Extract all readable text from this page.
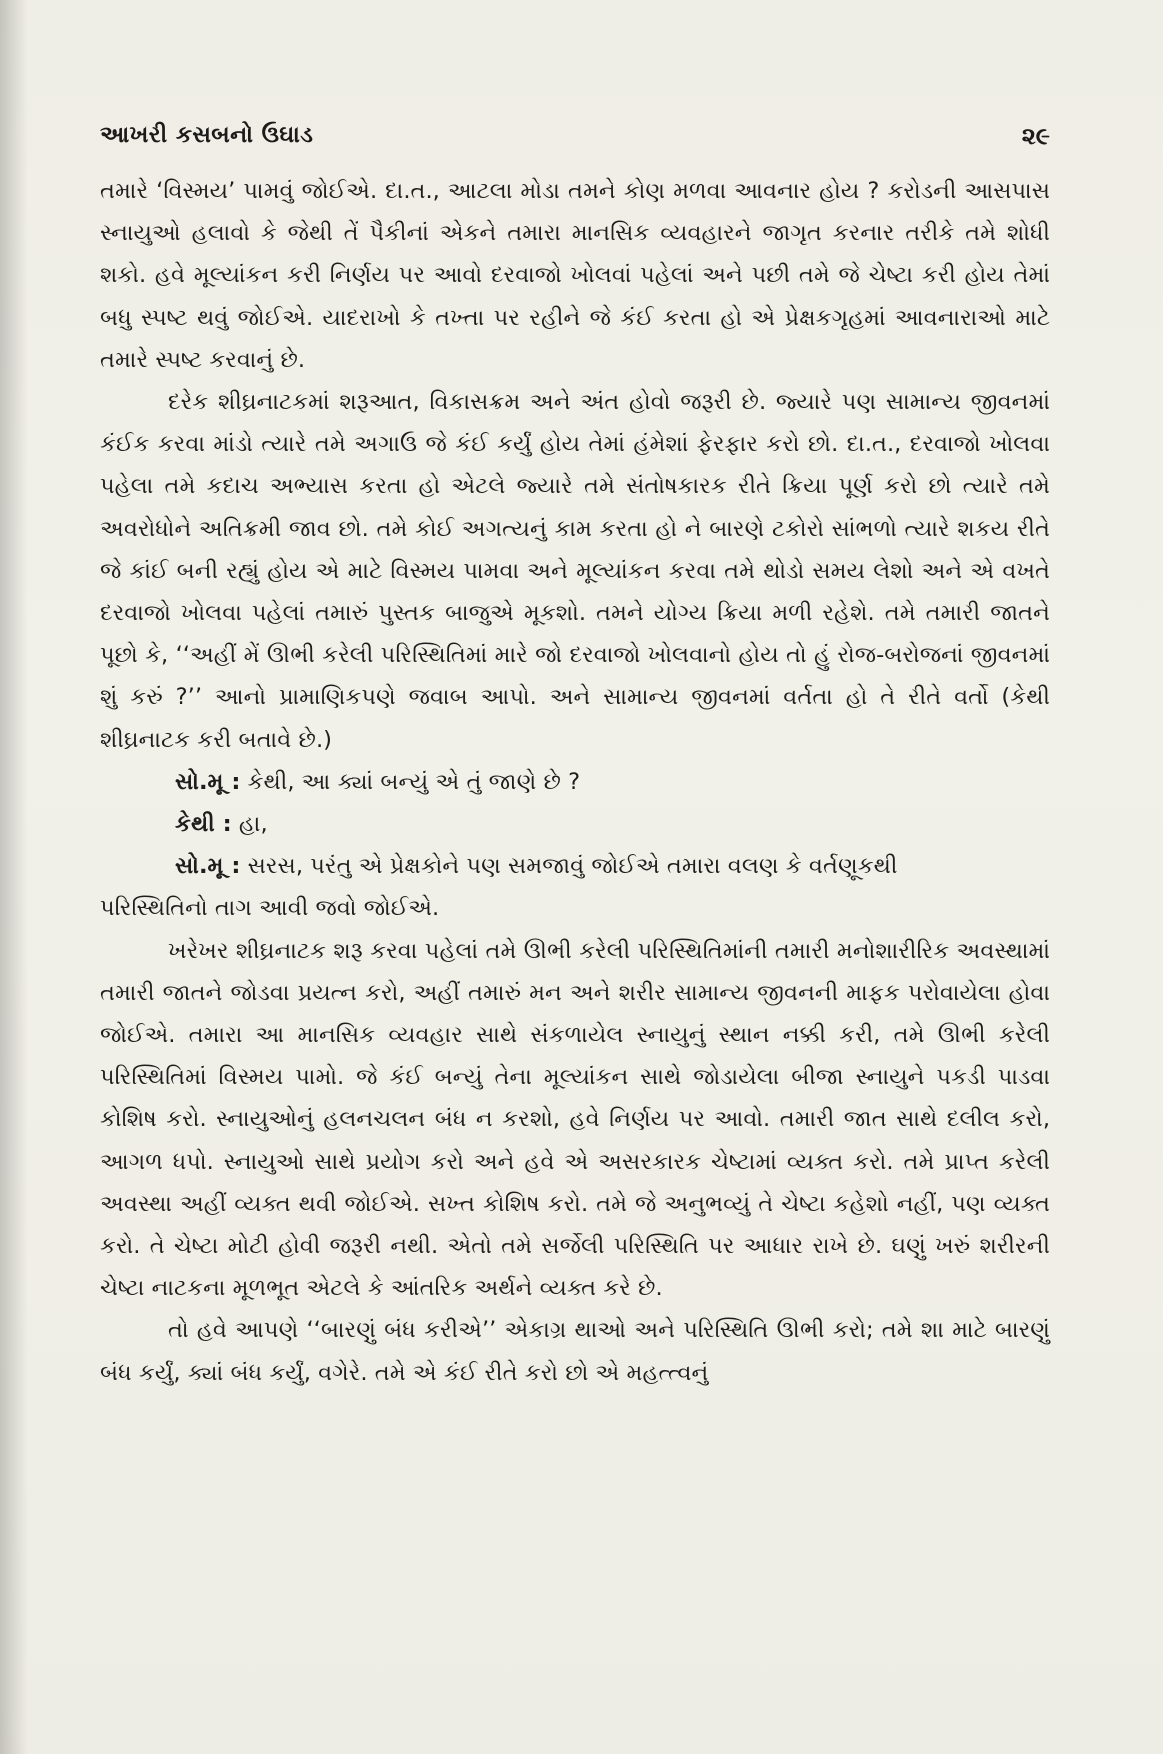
આખરી કસબનો ઉઘાડ	૨૯

તમારે ‘વિસ્મય’ પામવું જોઈએ. દા.ત., આટલા મોડા તમને કોણ મળવા આવનાર હોય ? કરોડની આસપાસ સ્નાયુઓ હલાવો કે જેથી તેં પૈકીનાં એકને તમારા માનસિક વ્યવહારને જાગૃત કરનાર તરીકે તમે શોધી શકો. હવે મૂલ્યાંકન કરી નિર્ણય પર આવો દરવાજો ખોલવાં પહેલાં અને પછી તમે જે ચેષ્ટા કરી હોય તેમાં બધુ સ્પષ્ટ થવું જોઈએ. યાદરાખો કે તખ્તા પર રહીને જે કંઈ કરતા હો એ પ્રેક્ષકગૃહમાં આવનારાઓ માટે તમારે સ્પષ્ટ કરવાનું છે.

દરેક શીઘ્રનાટકમાં શરૂઆત, વિકાસક્રમ અને અંત હોવો જરૂરી છે. જ્યારે પણ સામાન્ય જીવનમાં કંઈક કરવા માંડો ત્યારે તમે અગાઉ જે કંઈ કર્યું હોય તેમાં હંમેશાં ફેરફાર કરો છો. દા.ત., દરવાજો ખોલવા પહેલા તમે કદાચ અભ્યાસ કરતા હો એટલે જ્યારે તમે સંતોષકારક રીતે ક્રિયા પૂર્ણ કરો છો ત્યારે તમે અવરોધોને અતિક્રમી જાવ છો. તમે કોઈ અગત્યનું કામ કરતા હો ને બારણે ટકોરો સાંભળો ત્યારે શકય રીતે જે કાંઈ બની રહ્યું હોય એ માટે વિસ્મય પામવા અને મૂલ્યાંકન કરવા તમે થોડો સમય લેશો અને એ વખતે દરવાજો ખોલવા પહેલાં તમારું પુસ્તક બાજુએ મૂકશો. તમને યોગ્ય ક્રિયા મળી રહેશે. તમે તમારી જાતને પૂછો કે, ‘‘અહીં મેં ઊભી કરેલી પરિસ્થિતિમાં મારે જો દરવાજો ખોલવાનો હોય તો હું રોજ-બરોજનાં જીવનમાં શું કરું ?’’ આનો પ્રામાણિકપણે જવાબ આપો. અને સામાન્ય જીવનમાં વર્તતા હો તે રીતે વર્તો (કેથી શીઘ્રનાટક કરી બતાવે છે.)

સો.મૂ : કેથી, આ ક્યાં બન્યું એ તું જાણે છે ?

કેથી : હા,

સો.મૂ : સરસ, પરંતુ એ પ્રેક્ષકોને પણ સમજાવું જોઈએ તમારા વલણ કે વર્તણૂકથી

પરિસ્થિતિનો તાગ આવી જવો જોઈએ.

ખરેખર શીઘ્રનાટક શરૂ કરવા પહેલાં તમે ઊભી કરેલી પરિસ્થિતિમાંની તમારી મનોશારીરિક અવસ્થામાં તમારી જાતને જોડવા પ્રયત્ન કરો, અહીં તમારું મન અને શરીર સામાન્ય જીવનની માફક પરોવાયેલા હોવા જોઈએ. તમારા આ માનસિક વ્યવહાર સાથે સંકળાયેલ સ્નાયુનું સ્થાન નક્કી કરી, તમે ઊભી કરેલી પરિસ્થિતિમાં વિસ્મય પામો. જે કંઈ બન્યું તેના મૂલ્યાંકન સાથે જોડાયેલા બીજા સ્નાયુને પકડી પાડવા કોશિષ કરો. સ્નાયુઓનું હલનચલન બંધ ન કરશો, હવે નિર્ણય પર આવો. તમારી જાત સાથે દલીલ કરો, આગળ ધપો. સ્નાયુઓ સાથે પ્રયોગ કરો અને હવે એ અસરકારક ચેષ્ટામાં વ્યક્ત કરો. તમે પ્રાપ્ત કરેલી અવસ્થા અહીં વ્યક્ત થવી જોઈએ. સખ્ત કોશિષ કરો. તમે જે અનુભવ્યું તે ચેષ્ટા કહેશો નહીં, પણ વ્યક્ત કરો. તે ચેષ્ટા મોટી હોવી જરૂરી નથી. એતો તમે સર્જેલી પરિસ્થિતિ પર આધાર રાખે છે. ઘણું ખરું શરીરની ચેષ્ટા નાટકના મૂળભૂત એટલે કે આંતરિક અર્થને વ્યક્ત કરે છે.

તો હવે આપણે ‘‘બારણું બંધ કરીએ’’ એકાગ્ર થાઓ અને પરિસ્થિતિ ઊભી કરો; તમે શા માટે બારણું બંધ કર્યું, ક્યાં બંધ કર્યું, વગેરે. તમે એ કંઈ રીતે કરો છો એ મહત્ત્વનું
